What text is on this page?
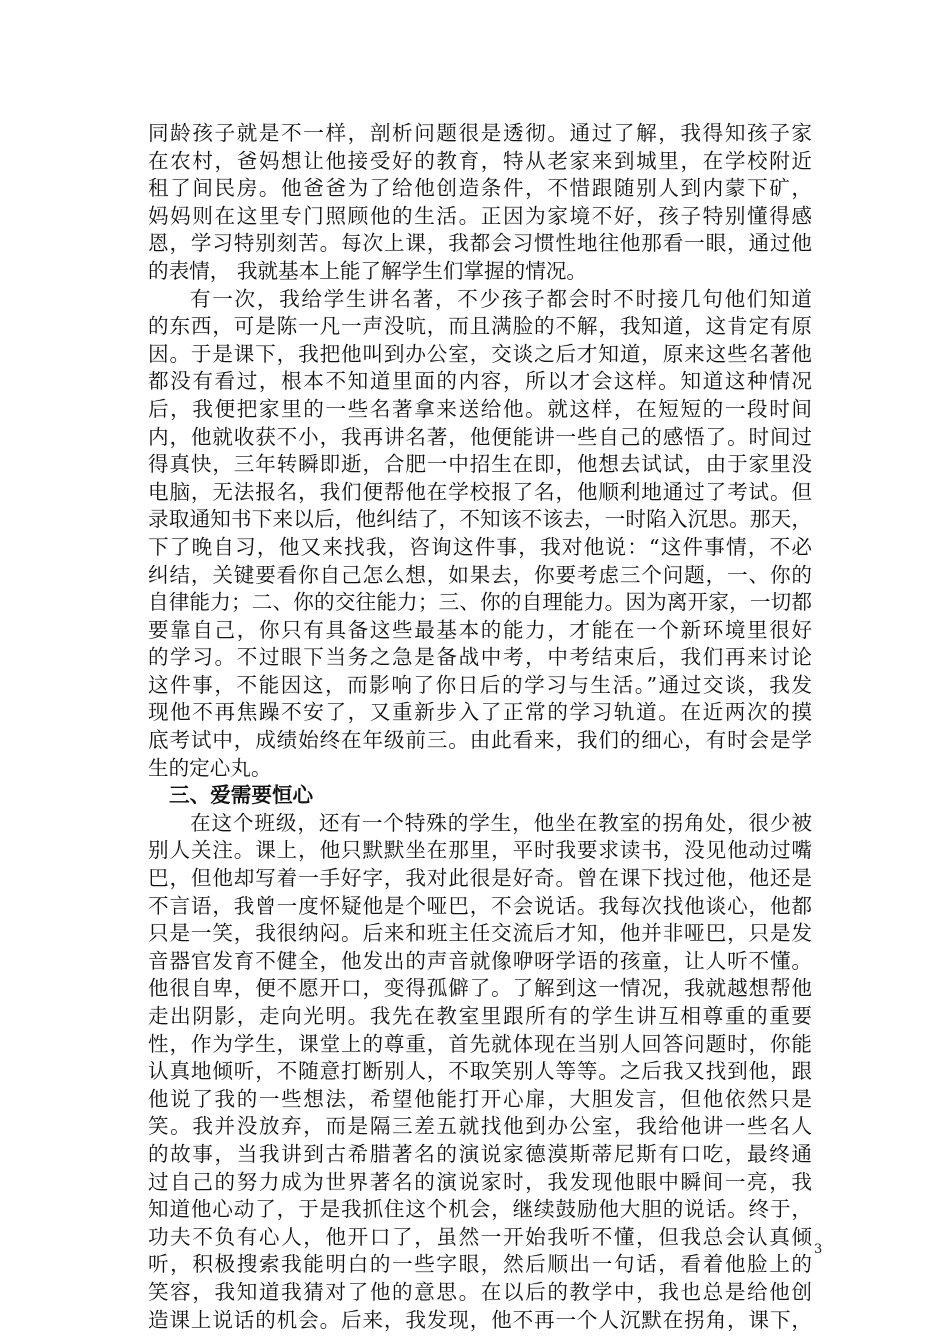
同龄孩子就是不一样，剖析问题很是透彻。通过了解，我得知孩子家
在农村，爸妈想让他接受好的教育，特从老家来到城里，在学校附近
租了间民房。他爸爸为了给他创造条件，不惜跟随别人到内蒙下矿，
妈妈则在这里专门照顾他的生活。正因为家境不好，孩子特别懂得感
恩，学习特别刻苦。每次上课，我都会习惯性地往他那看一眼，通过他
的表情， 我就基本上能了解学生们掌握的情况。
有一次，我给学生讲名著，不少孩子都会时不时接几句他们知道
的东西，可是陈一凡一声没吭，而且满脸的不解，我知道，这肯定有原
因。于是课下，我把他叫到办公室，交谈之后才知道，原来这些名著他
都没有看过，根本不知道里面的内容，所以才会这样。知道这种情况
后，我便把家里的一些名著拿来送给他。就这样，在短短的一段时间
内，他就收获不小，我再讲名著，他便能讲一些自己的感悟了。时间过
得真快，三年转瞬即逝，合肥一中招生在即，他想去试试，由于家里没
电脑，无法报名，我们便帮他在学校报了名，他顺利地通过了考试。但
录取通知书下来以后，他纠结了，不知该不该去，一时陷入沉思。那天，
下了晚自习，他又来找我，咨询这件事，我对他说：“这件事情，不必
纠结，关键要看你自己怎么想，如果去，你要考虑三个问题，一、你的
自律能力；二、你的交往能力；三、你的自理能力。因为离开家，一切都
要靠自己，你只有具备这些最基本的能力，才能在一个新环境里很好
的学习。不过眼下当务之急是备战中考，中考结束后，我们再来讨论
这件事，不能因这，而影响了你日后的学习与生活。”通过交谈，我发
现他不再焦躁不安了，又重新步入了正常的学习轨道。在近两次的摸
底考试中，成绩始终在年级前三。由此看来，我们的细心，有时会是学
生的定心丸。
三、爱需要恒心
在这个班级，还有一个特殊的学生，他坐在教室的拐角处，很少被
别人关注。课上，他只默默坐在那里，平时我要求读书，没见他动过嘴
巴，但他却写着一手好字，我对此很是好奇。曾在课下找过他，他还是
不言语，我曾一度怀疑他是个哑巴，不会说话。我每次找他谈心，他都
只是一笑，我很纳闷。后来和班主任交流后才知，他并非哑巴，只是发
音器官发育不健全，他发出的声音就像咿呀学语的孩童，让人听不懂。
他很自卑，便不愿开口，变得孤僻了。了解到这一情况，我就越想帮他
走出阴影，走向光明。我先在教室里跟所有的学生讲互相尊重的重要
性，作为学生，课堂上的尊重，首先就体现在当别人回答问题时，你能
认真地倾听，不随意打断别人，不取笑别人等等。之后我又找到他，跟
他说了我的一些想法，希望他能打开心扉，大胆发言，但他依然只是
笑。我并没放弃，而是隔三差五就找他到办公室，我给他讲一些名人
的故事，当我讲到古希腊著名的演说家德漠斯蒂尼斯有口吃，最终通
过自己的努力成为世界著名的演说家时，我发现他眼中瞬间一亮，我
知道他心动了，于是我抓住这个机会，继续鼓励他大胆的说话。终于，
功夫不负有心人，他开口了，虽然一开始我听不懂，但我总会认真倾
听，积极搜索我能明白的一些字眼，然后顺出一句话，看着他脸上的
笑容，我知道我猜对了他的意思。在以后的教学中，我也总是给他创
造课上说话的机会。后来，我发现，他不再一个人沉默在拐角，课下，
3
